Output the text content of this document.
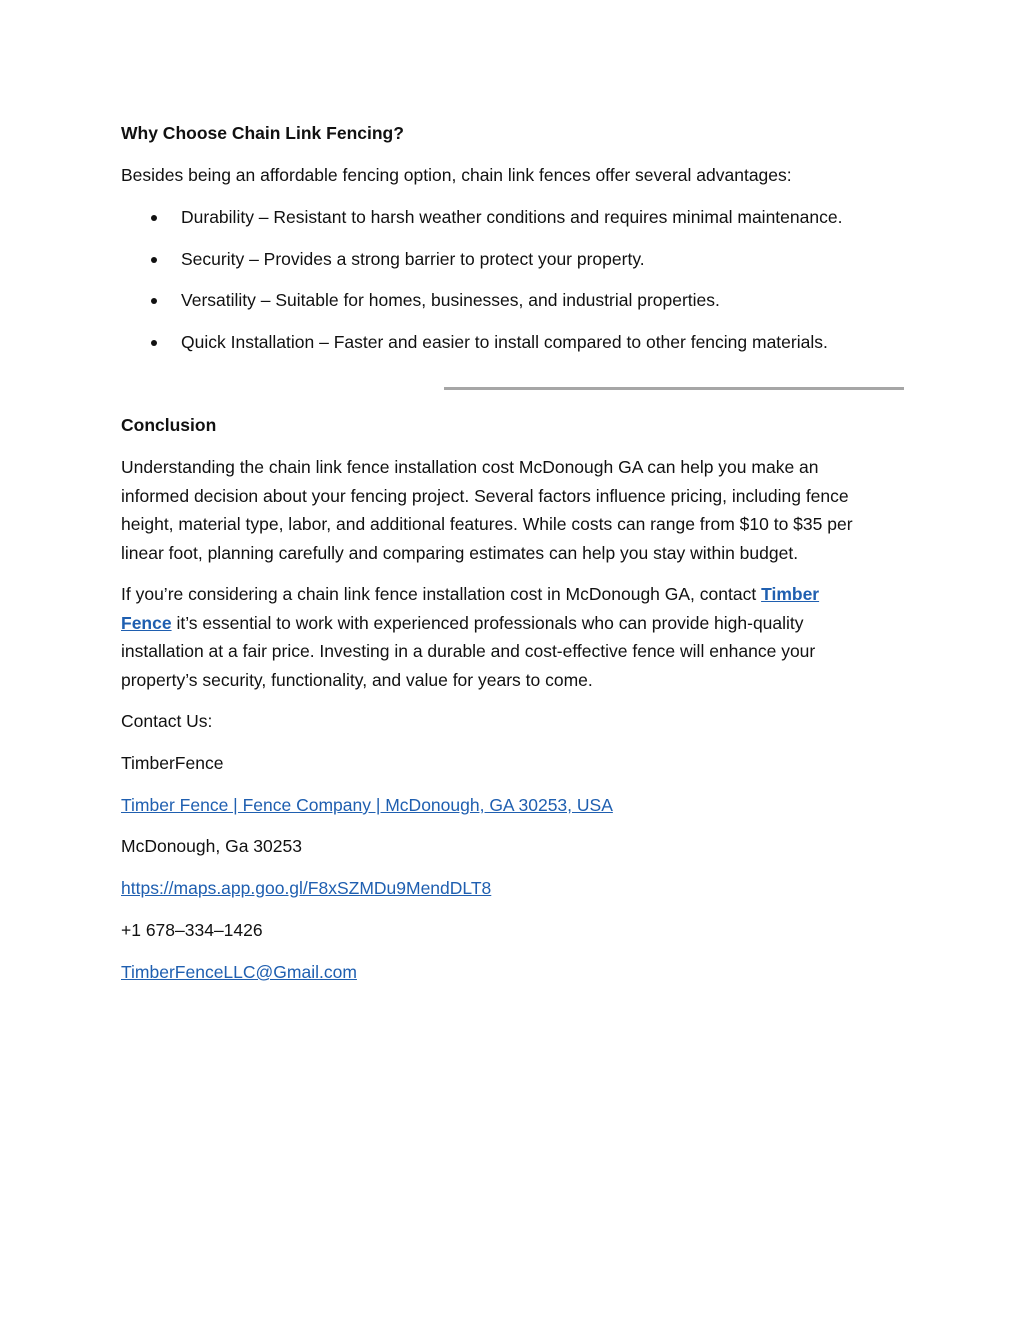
Why Choose Chain Link Fencing?
Besides being an affordable fencing option, chain link fences offer several advantages:
Durability – Resistant to harsh weather conditions and requires minimal maintenance.
Security – Provides a strong barrier to protect your property.
Versatility – Suitable for homes, businesses, and industrial properties.
Quick Installation – Faster and easier to install compared to other fencing materials.
Conclusion
Understanding the chain link fence installation cost McDonough GA can help you make an
informed decision about your fencing project. Several factors influence pricing, including fence
height, material type, labor, and additional features. While costs can range from $10 to $35 per
linear foot, planning carefully and comparing estimates can help you stay within budget.
If you’re considering a chain link fence installation cost in McDonough GA, contact Timber
Fence it’s essential to work with experienced professionals who can provide high-quality
installation at a fair price. Investing in a durable and cost-effective fence will enhance your
property’s security, functionality, and value for years to come.
Contact Us:
TimberFence
Timber Fence | Fence Company | McDonough, GA 30253, USA
McDonough, Ga 30253
https://maps.app.goo.gl/F8xSZMDu9MendDLT8
+1 678–334–1426
TimberFenceLLC@Gmail.com
